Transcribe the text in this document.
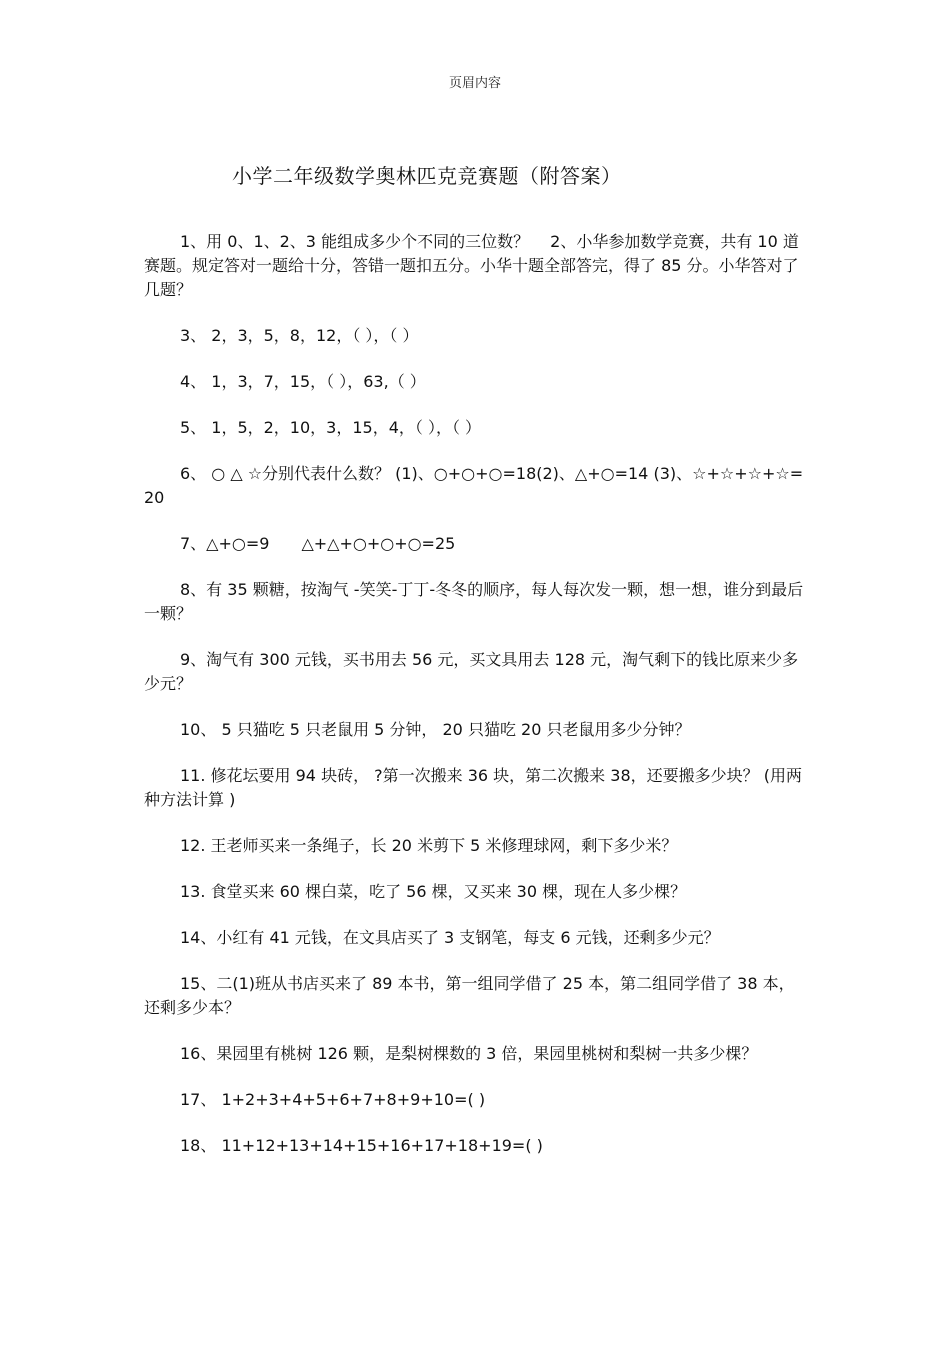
页眉内容
小学二年级数学奥林匹克竞赛题（附答案）

1、用 0、1、2、3 能组成多少个不同的三位数？　 2、小华参加数学竞赛，共有 10 道赛题。规定答对一题给十分，答错一题扣五分。小华十题全部答完，得了 85 分。小华答对了几题？

3、 2，3，5，8，12，（ ），（ ）

4、 1，3，7，15，（ ），63,（ ）

5、 1，5，2，10，3，15，4，（ ），（ ）

6、 ○ △ ☆分别代表什么数？ (1)、○+○+○=18(2)、△+○=14 (3)、☆+☆+☆+☆=20

7、△+○=9　　△+△+○+○+○=25

8、有 35 颗糖，按淘气 -笑笑-丁丁-冬冬的顺序，每人每次发一颗，想一想，谁分到最后一颗？

9、淘气有 300 元钱，买书用去 56 元，买文具用去 128 元，淘气剩下的钱比原来少多少元？

10、 5 只猫吃 5 只老鼠用 5 分钟， 20 只猫吃 20 只老鼠用多少分钟？

11. 修花坛要用 94 块砖， ?第一次搬来 36 块，第二次搬来 38，还要搬多少块？ (用两种方法计算 )

12. 王老师买来一条绳子，长 20 米剪下 5 米修理球网，剩下多少米？

13. 食堂买来 60 棵白菜，吃了 56 棵，又买来 30 棵，现在人多少棵？

14、小红有 41 元钱，在文具店买了 3 支钢笔，每支 6 元钱，还剩多少元？

15、二(1)班从书店买来了 89 本书，第一组同学借了 25 本，第二组同学借了 38 本，还剩多少本？

16、果园里有桃树 126 颗，是梨树棵数的 3 倍，果园里桃树和梨树一共多少棵？

17、 1+2+3+4+5+6+7+8+9+10=( )

18、 11+12+13+14+15+16+17+18+19=( )
